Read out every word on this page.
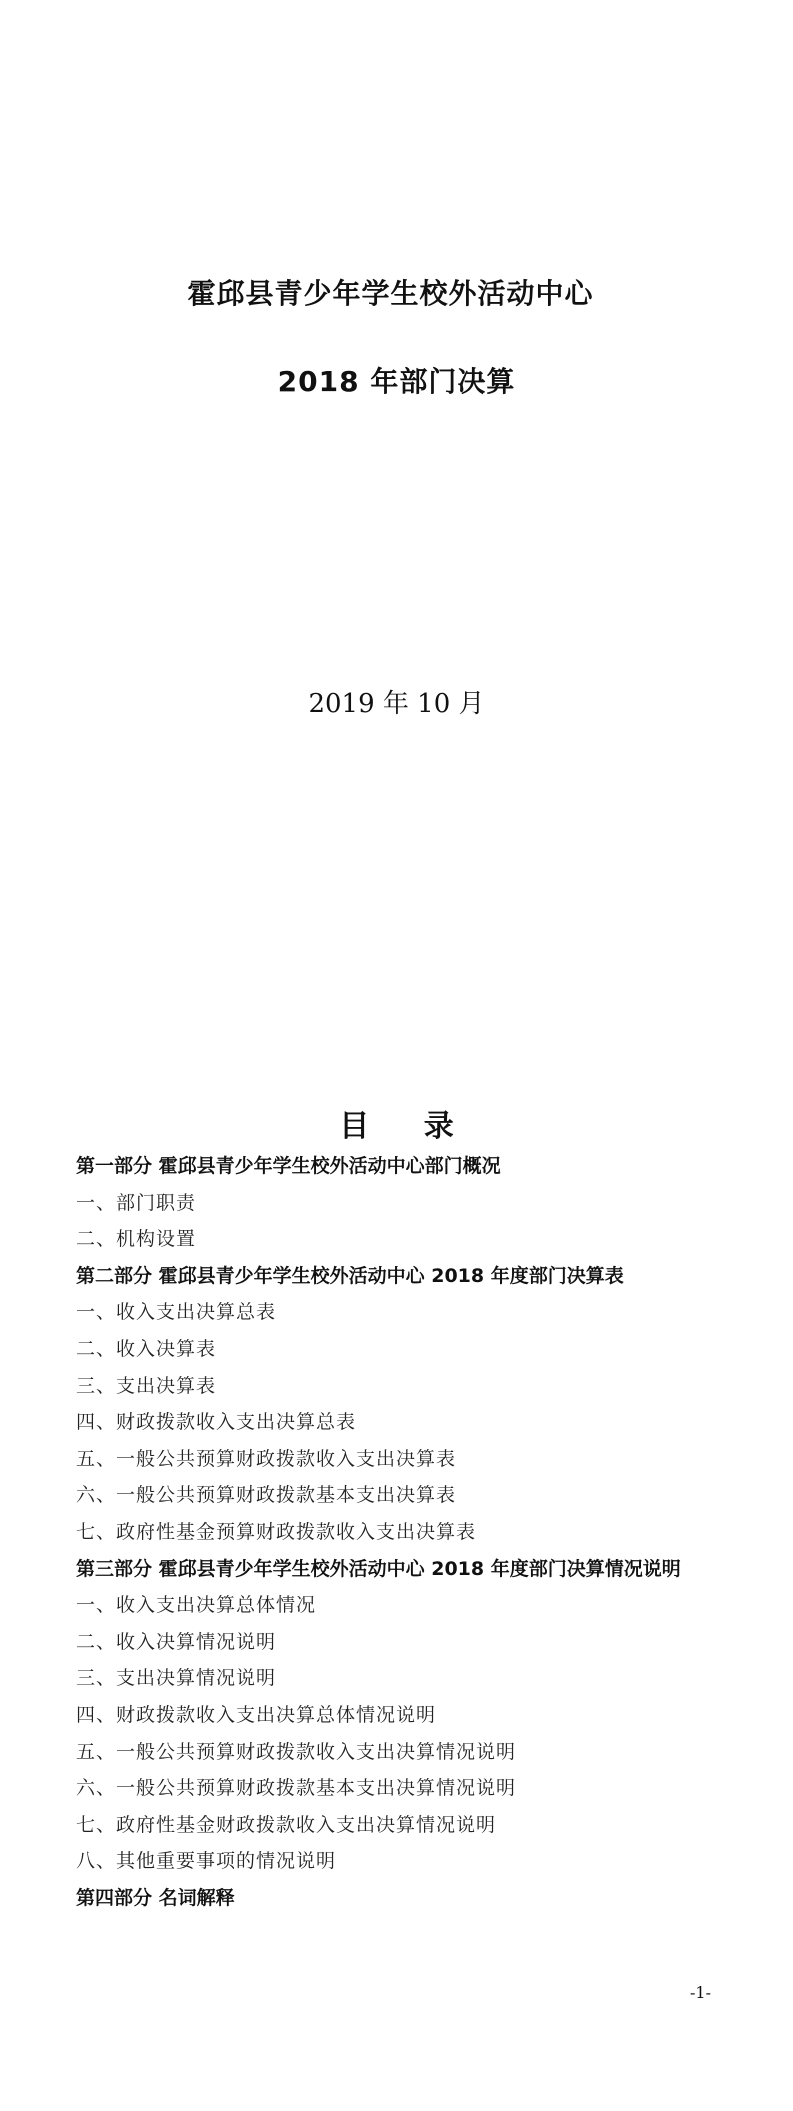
霍邱县青少年学生校外活动中心
2018 年部门决算

2019 年 10 月

目 录
第一部分 霍邱县青少年学生校外活动中心部门概况
一、部门职责
二、机构设置
第二部分 霍邱县青少年学生校外活动中心 2018 年度部门决算表
一、收入支出决算总表
二、收入决算表
三、支出决算表
四、财政拨款收入支出决算总表
五、一般公共预算财政拨款收入支出决算表
六、一般公共预算财政拨款基本支出决算表
七、政府性基金预算财政拨款收入支出决算表
第三部分 霍邱县青少年学生校外活动中心 2018 年度部门决算情况说明
一、收入支出决算总体情况
二、收入决算情况说明
三、支出决算情况说明
四、财政拨款收入支出决算总体情况说明
五、一般公共预算财政拨款收入支出决算情况说明
六、一般公共预算财政拨款基本支出决算情况说明
七、政府性基金财政拨款收入支出决算情况说明
八、其他重要事项的情况说明
第四部分 名词解释

-1-
